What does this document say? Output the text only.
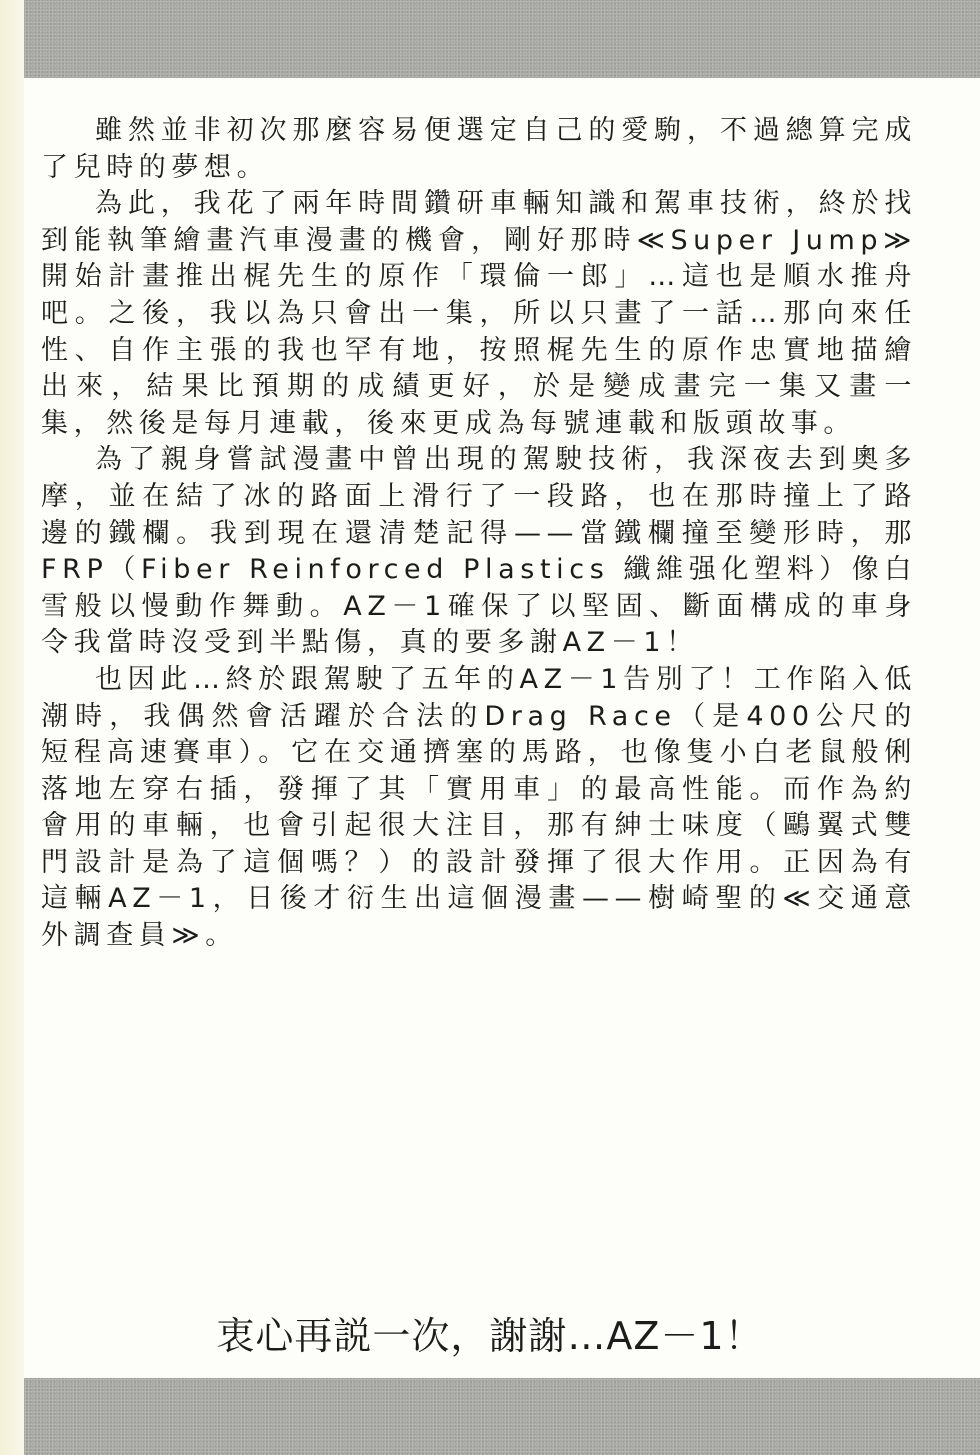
雖然並非初次那麼容易便選定自己的愛駒，不過總算完成了兒時的夢想。

為此，我花了兩年時間鑽研車輛知識和駕車技術，終於找到能執筆繪畫汽車漫畫的機會，剛好那時≪Super Jump≫開始計畫推出梶先生的原作「環倫一郎」…這也是順水推舟吧。之後，我以為只會出一集，所以只畫了一話…那向來任性、自作主張的我也罕有地，按照梶先生的原作忠實地描繪出來，結果比預期的成績更好，於是變成畫完一集又畫一集，然後是每月連載，後來更成為每號連載和版頭故事。

為了親身嘗試漫畫中曾出現的駕駛技術，我深夜去到奧多摩，並在結了冰的路面上滑行了一段路，也在那時撞上了路邊的鐵欄。我到現在還清楚記得——當鐵欄撞至變形時，那FRP（Fiber Reinforced Plastics 纖維强化塑料）像白雪般以慢動作舞動。AZ－1確保了以堅固、斷面構成的車身令我當時沒受到半點傷，真的要多謝AZ－1！

也因此…終於跟駕駛了五年的AZ－1告別了！工作陷入低潮時，我偶然會活躍於合法的Drag Race（是400公尺的短程高速賽車）。它在交通擠塞的馬路，也像隻小白老鼠般俐落地左穿右插，發揮了其「實用車」的最高性能。而作為約會用的車輛，也會引起很大注目，那有紳士味度（鷗翼式雙門設計是為了這個嗎？）的設計發揮了很大作用。正因為有這輛AZ－1，日後才衍生出這個漫畫——樹崎聖的≪交通意外調查員≫。

衷心再説一次，謝謝…AZ－1！
